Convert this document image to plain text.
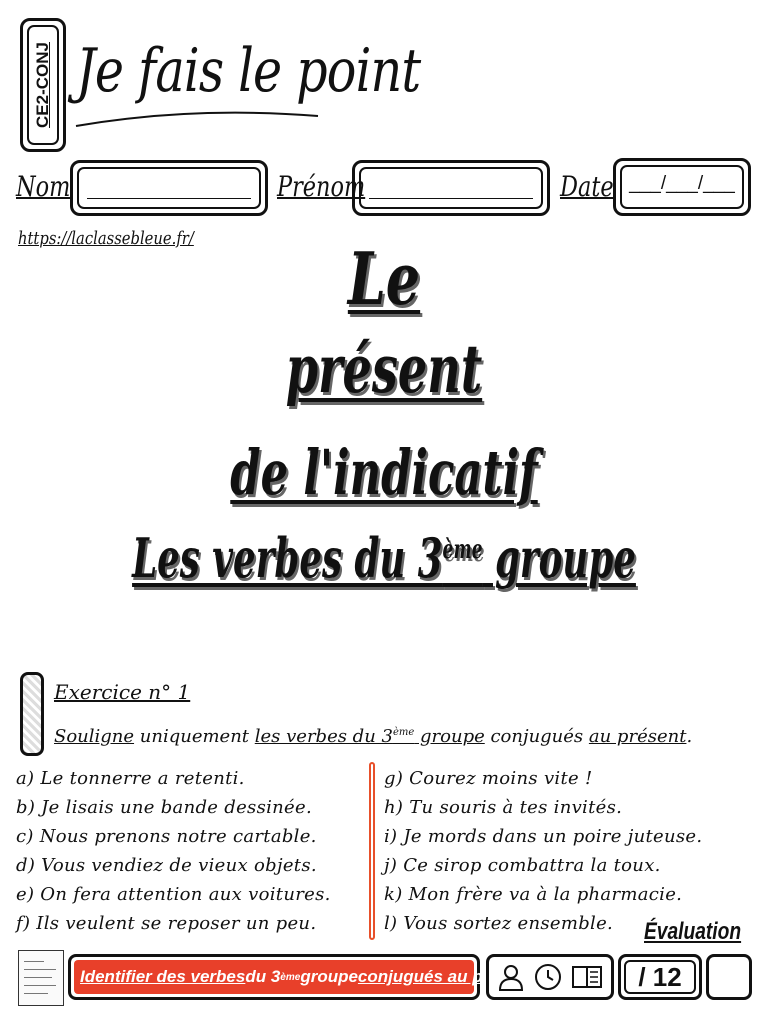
CE2-CONJ Je fais le point
Nom	Prénom	Date ___/___/___
https://laclassebleue.fr/	Le
présent
de l'indicatif
Les verbes du 3ème groupe
Exercice n° 1
Souligne uniquement les verbes du 3ème groupe conjugués au présent.
a) Le tonnerre a retenti.
b) Je lisais une bande dessinée.
c) Nous prenons notre cartable.
d) Vous vendiez de vieux objets.
e) On fera attention aux voitures.
f) Ils veulent se reposer un peu.
g) Courez moins vite !
h) Tu souris à tes invités.
i) Je mords dans un poire juteuse.
j) Ce sirop combattra la toux.
k) Mon frère va à la pharmacie.
l) Vous sortez ensemble. Évaluation
Identifier des verbes du 3 ème groupe conjugués au présent	/ 12
